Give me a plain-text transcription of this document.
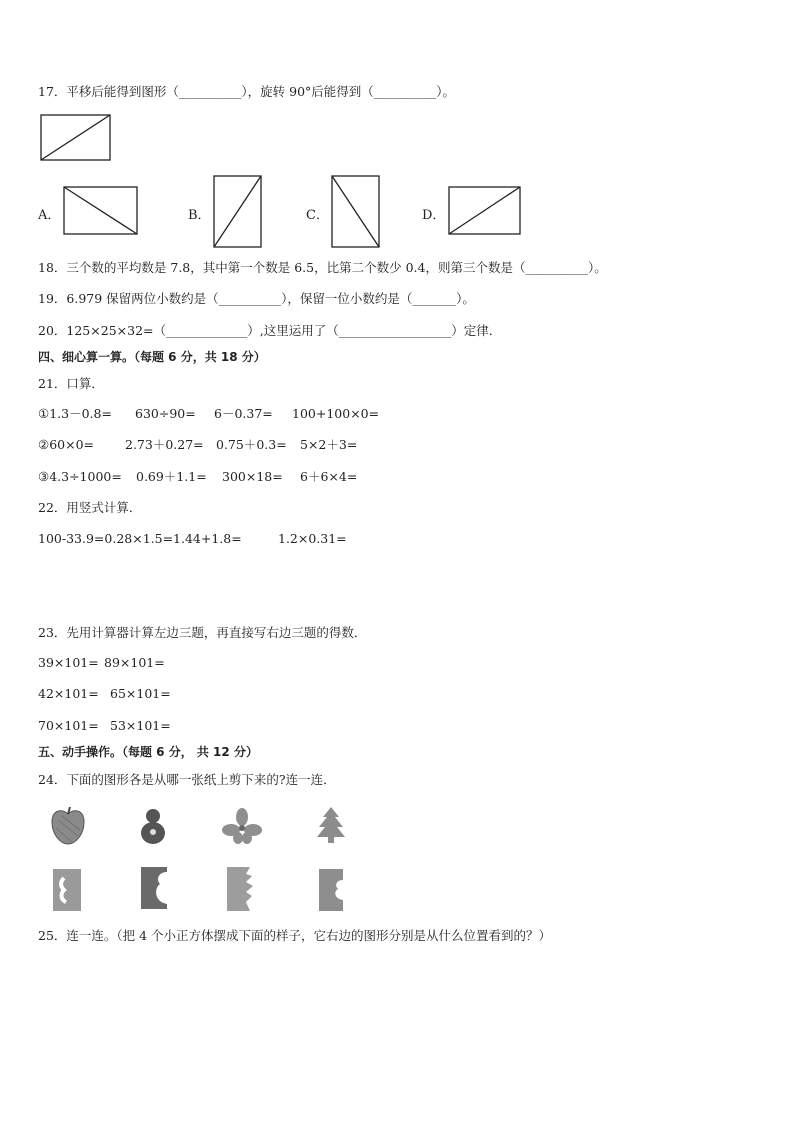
17．平移后能得到图形（__________），旋转 90°后能得到（__________）。
A．	B．	C．	D．
18．三个数的平均数是 7.8，其中第一个数是 6.5，比第二个数少 0.4，则第三个数是（__________）。
19．6.979 保留两位小数约是（__________），保留一位小数约是（_______）。
20．125×25×32=（_____________）,这里运用了（__________________）定律．
四、细心算一算。（每题 6 分，共 18 分）
21．口算．
①1.3－0.8= 630÷90= 6－0.37= 100+100×0=
②60×0= 2.73＋0.27= 0.75＋0.3= 5×2＋3=
③4.3÷1000= 0.69＋1.1= 300×18= 6＋6×4=
22．用竖式计算．
100-33.9=0.28×1.5=1.44+1.8=	1.2×0.31=
23．先用计算器计算左边三题，再直接写右边三题的得数．
39×101= 89×101=
42×101= 65×101=
70×101= 53×101=
五、动手操作。（每题 6 分， 共 12 分）
24．下面的图形各是从哪一张纸上剪下来的?连一连．
25．连一连。（把 4 个小正方体摆成下面的样子，它右边的图形分别是从什么位置看到的？）
